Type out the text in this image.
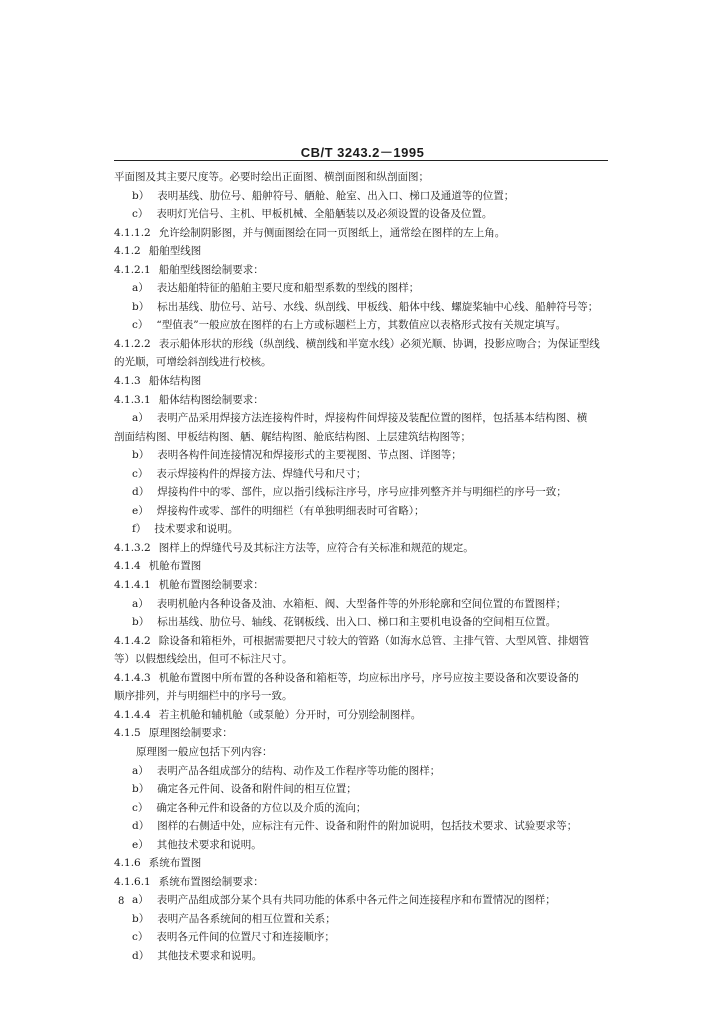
CB/T 3243.2－1995
平面图及其主要尺度等。必要时绘出正面图、横剖面图和纵剖面图；
b） 表明基线、肋位号、船舯符号、舾舱、舱室、出入口、梯口及通道等的位置；
c） 表明灯光信号、主机、甲板机械、全船舾装以及必须设置的设备及位置。
4.1.1.2 允许绘制阴影图，并与侧面图绘在同一页图纸上，通常绘在图样的左上角。
4.1.2 船舶型线图
4.1.2.1 船舶型线图绘制要求：
a） 表达船舶特征的船舶主要尺度和船型系数的型线的图样；
b） 标出基线、肋位号、站号、水线、纵剖线、甲板线、船体中线、螺旋桨轴中心线、船舯符号等；
c） “型值表”一般应放在图样的右上方或标题栏上方，其数值应以表格形式按有关规定填写。
4.1.2.2 表示船体形状的形线（纵剖线、横剖线和半宽水线）必须光顺、协调，投影应吻合；为保证型线
的光顺，可增绘斜剖线进行校核。
4.1.3 船体结构图
4.1.3.1 船体结构图绘制要求：
a） 表明产品采用焊接方法连接构件时，焊接构件间焊接及装配位置的图样，包括基本结构图、横
剖面结构图、甲板结构图、舾、艉结构图、舱底结构图、上层建筑结构图等；
b） 表明各构件间连接情况和焊接形式的主要视图、节点图、详图等；
c） 表示焊接构件的焊接方法、焊缝代号和尺寸；
d） 焊接构件中的零、部件，应以指引线标注序号，序号应排列整齐并与明细栏的序号一致；
e） 焊接构件或零、部件的明细栏（有单独明细表时可省略）；
f） 技术要求和说明。
4.1.3.2 图样上的焊缝代号及其标注方法等，应符合有关标准和规范的规定。
4.1.4 机舱布置图
4.1.4.1 机舱布置图绘制要求：
a） 表明机舱内各种设备及油、水箱柜、阀、大型备件等的外形轮廓和空间位置的布置图样；
b） 标出基线、肋位号、轴线、花钢板线、出入口、梯口和主要机电设备的空间相互位置。
4.1.4.2 除设备和箱柜外，可根据需要把尺寸较大的管路（如海水总管、主排气管、大型风管、排烟管
等）以假想线绘出，但可不标注尺寸。
4.1.4.3 机舱布置图中所布置的各种设备和箱柜等，均应标出序号，序号应按主要设备和次要设备的
顺序排列，并与明细栏中的序号一致。
4.1.4.4 若主机舱和辅机舱（或泵舱）分开时，可分别绘制图样。
4.1.5 原理图绘制要求：
原理图一般应包括下列内容：
a） 表明产品各组成部分的结构、动作及工作程序等功能的图样；
b） 确定各元件间、设备和附件间的相互位置；
c） 确定各种元件和设备的方位以及介质的流向；
d） 图样的右侧适中处，应标注有元件、设备和附件的附加说明，包括技术要求、试验要求等；
e） 其他技术要求和说明。
4.1.6 系统布置图
4.1.6.1 系统布置图绘制要求：
a） 表明产品组成部分某个具有共同功能的体系中各元件之间连接程序和布置情况的图样；
b） 表明产品各系统间的相互位置和关系；
c） 表明各元件间的位置尺寸和连接顺序；
d） 其他技术要求和说明。
8
